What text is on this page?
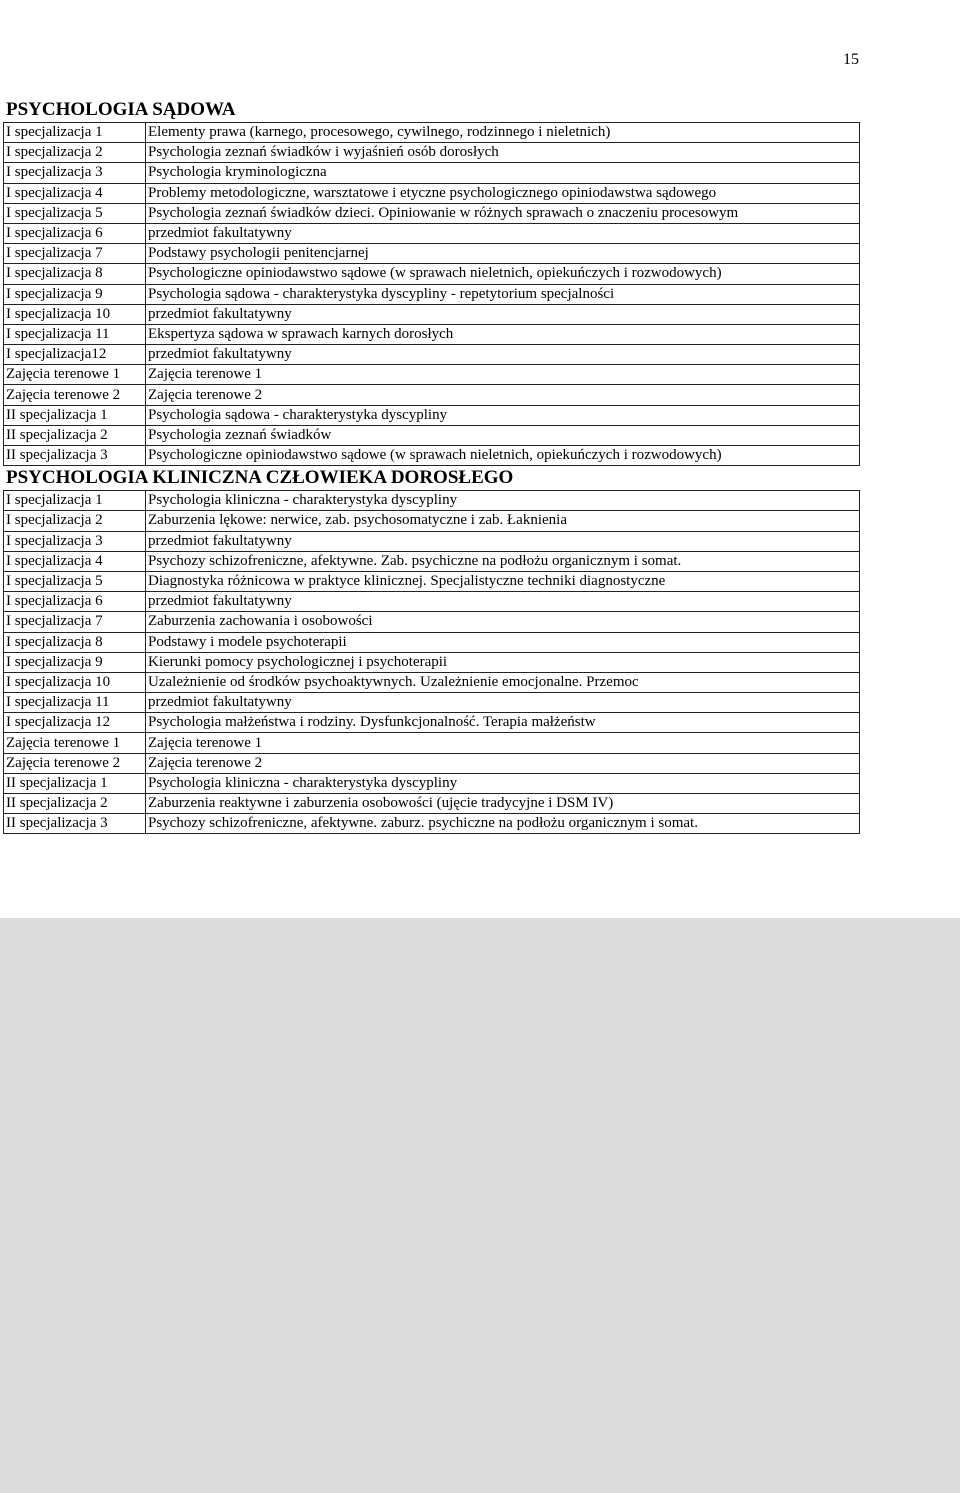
15
PSYCHOLOGIA SĄDOWA
I specjalizacja 1	Elementy prawa (karnego, procesowego, cywilnego, rodzinnego i nieletnich)
I specjalizacja 2	Psychologia zeznań świadków i wyjaśnień osób dorosłych
I specjalizacja 3	Psychologia kryminologiczna
I specjalizacja 4	Problemy metodologiczne, warsztatowe i etyczne psychologicznego opiniodawstwa sądowego
I specjalizacja 5	Psychologia zeznań świadków dzieci. Opiniowanie w różnych sprawach o znaczeniu procesowym
I specjalizacja 6	przedmiot fakultatywny
I specjalizacja 7	Podstawy psychologii penitencjarnej
I specjalizacja 8	Psychologiczne opiniodawstwo sądowe (w sprawach nieletnich, opiekuńczych i rozwodowych)
I specjalizacja 9	Psychologia sądowa - charakterystyka dyscypliny - repetytorium specjalności
I specjalizacja 10	przedmiot fakultatywny
I specjalizacja 11	Ekspertyza sądowa w sprawach karnych dorosłych
I specjalizacja12	przedmiot fakultatywny
Zajęcia terenowe 1	Zajęcia terenowe 1
Zajęcia terenowe 2	Zajęcia terenowe 2
II specjalizacja 1	Psychologia sądowa - charakterystyka dyscypliny
II specjalizacja 2	Psychologia zeznań świadków
II specjalizacja 3	Psychologiczne opiniodawstwo sądowe (w sprawach nieletnich, opiekuńczych i rozwodowych)
PSYCHOLOGIA KLINICZNA CZŁOWIEKA DOROSŁEGO
I specjalizacja 1	Psychologia kliniczna - charakterystyka dyscypliny
I specjalizacja 2	Zaburzenia lękowe: nerwice, zab. psychosomatyczne i zab. Łaknienia
I specjalizacja 3	przedmiot fakultatywny
I specjalizacja 4	Psychozy schizofreniczne, afektywne. Zab. psychiczne na podłożu organicznym i somat.
I specjalizacja 5	Diagnostyka różnicowa w praktyce klinicznej. Specjalistyczne techniki diagnostyczne
I specjalizacja 6	przedmiot fakultatywny
I specjalizacja 7	Zaburzenia zachowania i osobowości
I specjalizacja 8	Podstawy i modele psychoterapii
I specjalizacja 9	Kierunki pomocy psychologicznej i psychoterapii
I specjalizacja 10	Uzależnienie od środków psychoaktywnych. Uzależnienie emocjonalne. Przemoc
I specjalizacja 11	przedmiot fakultatywny
I specjalizacja 12	Psychologia małżeństwa i rodziny. Dysfunkcjonalność. Terapia małżeństw
Zajęcia terenowe 1	Zajęcia terenowe 1
Zajęcia terenowe 2	Zajęcia terenowe 2
II specjalizacja 1	Psychologia kliniczna - charakterystyka dyscypliny
II specjalizacja 2	Zaburzenia reaktywne i zaburzenia osobowości (ujęcie tradycyjne i DSM IV)
II specjalizacja 3	Psychozy schizofreniczne, afektywne. zaburz. psychiczne na podłożu organicznym i somat.
